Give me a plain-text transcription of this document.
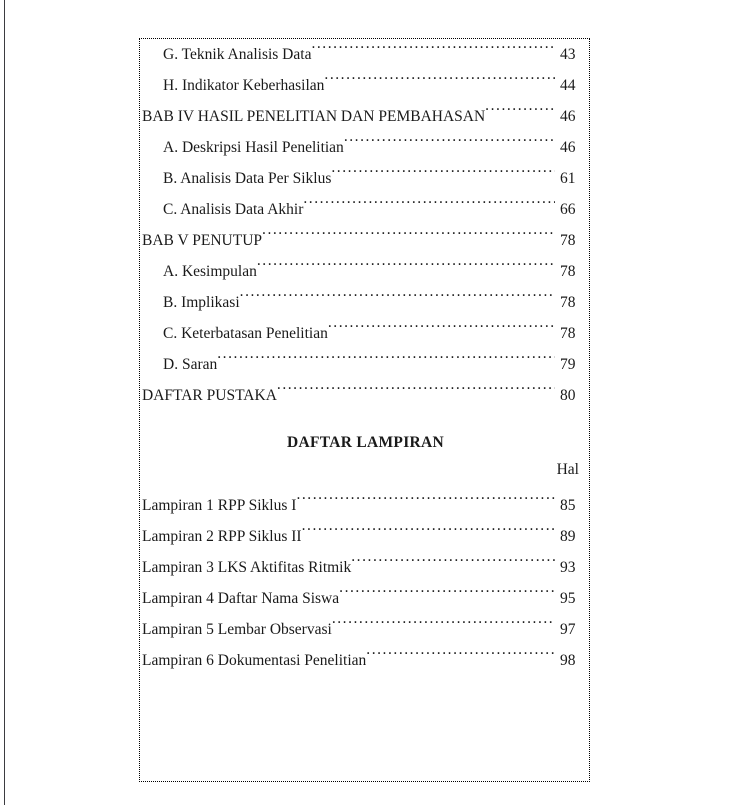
G. Teknik Analisis Data .....	43
H. Indikator Keberhasilan .....	44
BAB IV HASIL PENELITIAN DAN PEMBAHASAN .....	46
A. Deskripsi Hasil Penelitian .....	46
B. Analisis Data Per Siklus .....	61
C. Analisis Data Akhir .....	66
BAB V PENUTUP .....	78
A. Kesimpulan .....	78
B. Implikasi .....	78
C. Keterbatasan Penelitian .....	78
D. Saran .....	79
DAFTAR PUSTAKA .....	80
DAFTAR LAMPIRAN
Hal
Lampiran 1 RPP Siklus I .....	85
Lampiran 2 RPP Siklus II .....	89
Lampiran 3 LKS Aktifitas Ritmik .....	93
Lampiran 4 Daftar Nama Siswa .....	95
Lampiran 5 Lembar Observasi .....	97
Lampiran 6 Dokumentasi Penelitian .....	98
